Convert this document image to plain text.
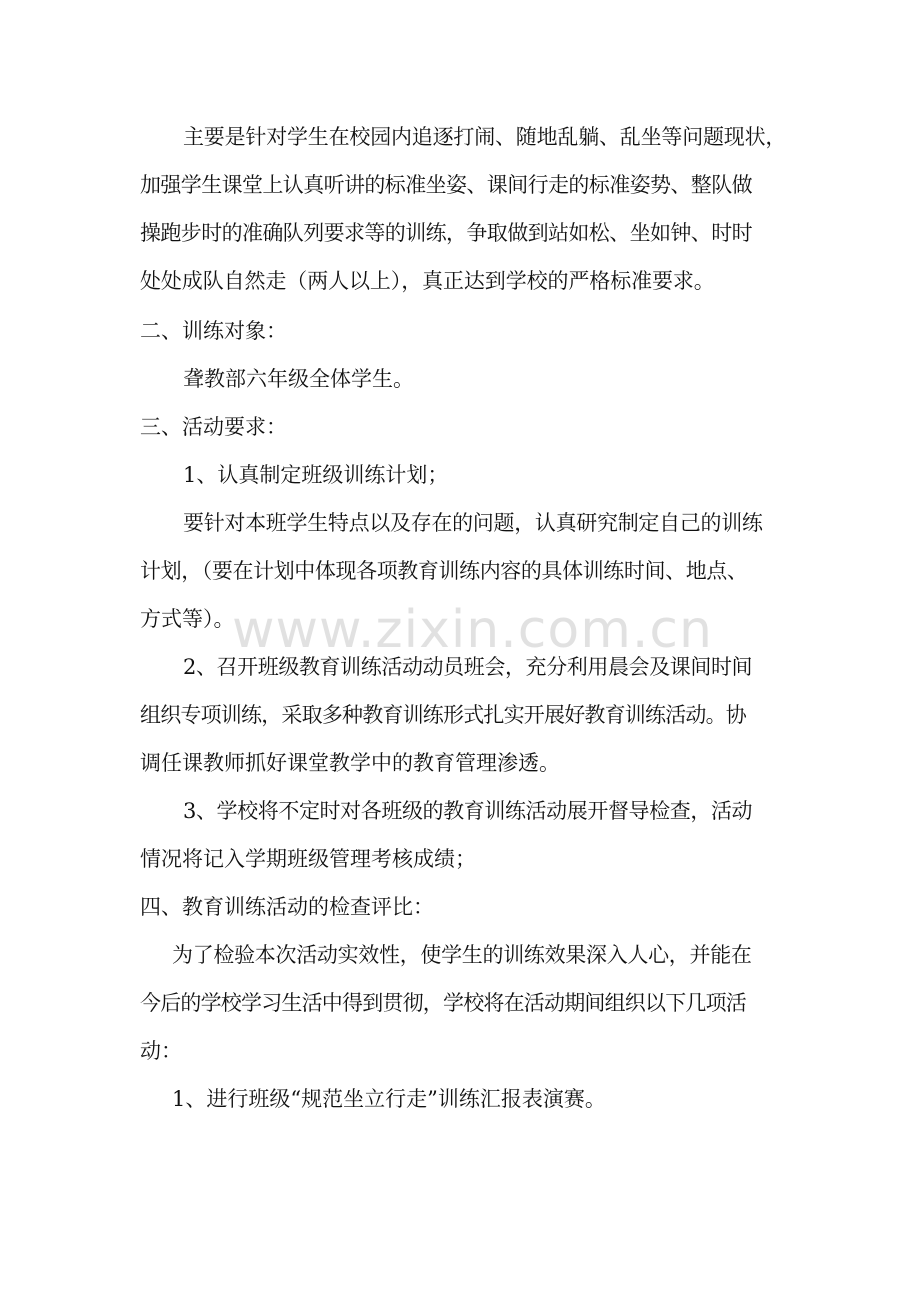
主要是针对学生在校园内追逐打闹、随地乱躺、乱坐等问题现状，
加强学生课堂上认真听讲的标准坐姿、课间行走的标准姿势、整队做
操跑步时的准确队列要求等的训练，争取做到站如松、坐如钟、时时
处处成队自然走（两人以上），真正达到学校的严格标准要求。
二、训练对象：
聋教部六年级全体学生。
三、活动要求：
1、认真制定班级训练计划；
要针对本班学生特点以及存在的问题，认真研究制定自己的训练
计划，（要在计划中体现各项教育训练内容的具体训练时间、地点、
方式等）。
2、召开班级教育训练活动动员班会，充分利用晨会及课间时间
组织专项训练，采取多种教育训练形式扎实开展好教育训练活动。协
调任课教师抓好课堂教学中的教育管理渗透。
3、学校将不定时对各班级的教育训练活动展开督导检查，活动
情况将记入学期班级管理考核成绩；
四、教育训练活动的检查评比：
为了检验本次活动实效性，使学生的训练效果深入人心，并能在
今后的学校学习生活中得到贯彻，学校将在活动期间组织以下几项活
动：
1、进行班级“规范坐立行走”训练汇报表演赛。
www.zixin.com.cn
